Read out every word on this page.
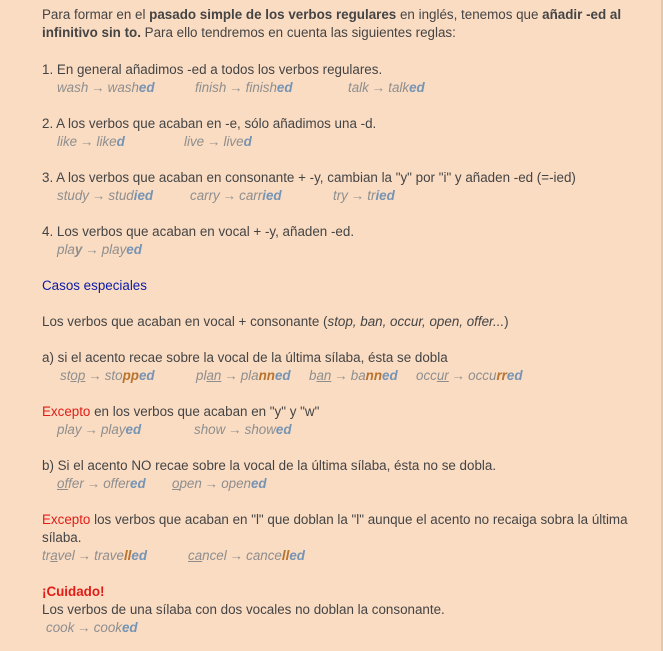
Para formar en el pasado simple de los verbos regulares en inglés, tenemos que añadir -ed al infinitivo sin to. Para ello tendremos en cuenta las siguientes reglas:
1. En general añadimos -ed a todos los verbos regulares.
wash → washed	finish → finished	talk → talked
2. A los verbos que acaban en -e, sólo añadimos una -d.
like → liked	live → lived
3. A los verbos que acaban en consonante + -y, cambian la "y" por "i" y añaden -ed (=-ied)
study → studied	carry → carried	try → tried
4. Los verbos que acaban en vocal + -y, añaden -ed.
play → played
Casos especiales
Los verbos que acaban en vocal + consonante (stop, ban, occur, open, offer...)
a) si el acento recae sobre la vocal de la última sílaba, ésta se dobla
stop → stopped	plan → planned ban → banned occur → occurred
Excepto en los verbos que acaban en "y" y "w"
play → played	show → showed
b) Si el acento NO recae sobre la vocal de la última sílaba, ésta no se dobla.
offer → offered open → opened
Excepto los verbos que acaban en "l" que doblan la "l" aunque el acento no recaiga sobra la última sílaba.
travel → travelled	cancel → cancelled
¡Cuidado!
Los verbos de una sílaba con dos vocales no doblan la consonante.
cook → cooked
